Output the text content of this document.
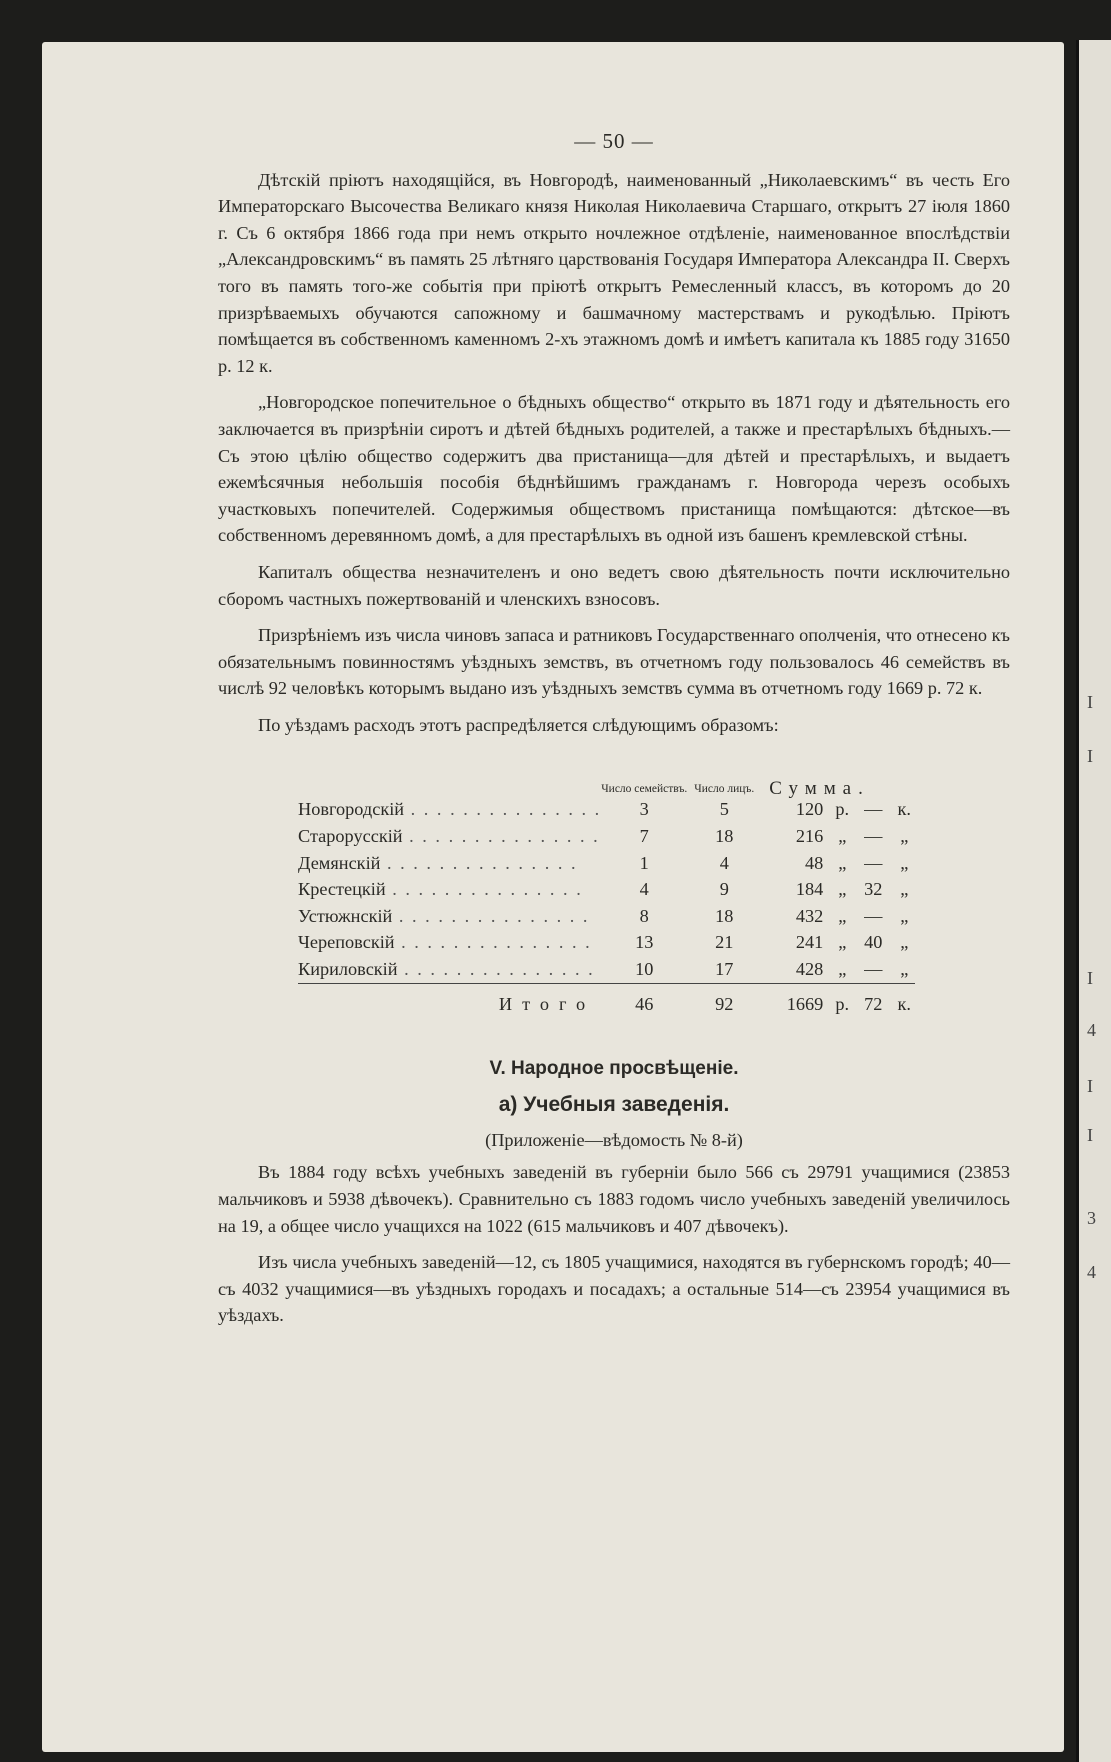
I
I
I
4
I
I
3
4
— 50 —

Дѣтскій пріютъ находящійся, въ Новгородѣ, наименованный „Николаевскимъ“ въ честь Его Императорскаго Высочества Великаго князя Николая Николаевича Старшаго, открытъ 27 іюля 1860 г. Съ 6 октября 1866 года при немъ открыто ночлежное отдѣленіе, наименованное впослѣдствіи „Александровскимъ“ въ память 25 лѣтняго царствованія Государя Императора Александра II. Сверхъ того въ память того-же событія при пріютѣ открытъ Ремесленный классъ, въ которомъ до 20 призрѣваемыхъ обучаются сапожному и башмачному мастерствамъ и рукодѣлью. Пріютъ помѣщается въ собственномъ каменномъ 2-хъ этажномъ домѣ и имѣетъ капитала къ 1885 году 31650 р. 12 к.

„Новгородское попечительное о бѣдныхъ общество“ открыто въ 1871 году и дѣятельность его заключается въ призрѣніи сиротъ и дѣтей бѣдныхъ родителей, а также и престарѣлыхъ бѣдныхъ.—Съ этою цѣлію общество содержитъ два пристанища—для дѣтей и престарѣлыхъ, и выдаетъ ежемѣсячныя небольшія пособія бѣднѣйшимъ гражданамъ г. Новгорода черезъ особыхъ участковыхъ попечителей. Содержимыя обществомъ пристанища помѣщаются: дѣтское—въ собственномъ деревянномъ домѣ, а для престарѣлыхъ въ одной изъ башенъ кремлевской стѣны.

Капиталъ общества незначителенъ и оно ведетъ свою дѣятельность почти исключительно сборомъ частныхъ пожертвованій и членскихъ взносовъ.

Призрѣніемъ изъ числа чиновъ запаса и ратниковъ Государственнаго ополченія, что отнесено къ обязательнымъ повинностямъ уѣздныхъ земствъ, въ отчетномъ году пользовалось 46 семействъ въ числѣ 92 человѣкъ которымъ выдано изъ уѣздныхъ земствъ сумма въ отчетномъ году 1669 р. 72 к.

По уѣздамъ расходъ этотъ распредѣляется слѣдующимъ образомъ:

	Число семействъ.	Число лицъ.	Сумма.			
Новгородскій . . . . . . . . . . . . . . .	3	5	120	р.	—	к.
Старорусскій . . . . . . . . . . . . . . .	7	18	216	„	—	„
Демянскій . . . . . . . . . . . . . . .	1	4	48	„	—	„
Крестецкій . . . . . . . . . . . . . . .	4	9	184	„	32	„
Устюжнскій . . . . . . . . . . . . . . .	8	18	432	„	—	„
Череповскій . . . . . . . . . . . . . . .	13	21	241	„	40	„
Кириловскій . . . . . . . . . . . . . . .	10	17	428	„	—	„
Итого	46	92	1669	р.	72	к.
V. Народное просвѣщеніе.
а) Учебныя заведенія.
(Приложеніе—вѣдомость № 8-й)

Въ 1884 году всѣхъ учебныхъ заведеній въ губерніи было 566 съ 29791 учащимися (23853 мальчиковъ и 5938 дѣвочекъ). Сравнительно съ 1883 годомъ число учебныхъ заведеній увеличилось на 19, а общее число учащихся на 1022 (615 мальчиковъ и 407 дѣвочекъ).

Изъ числа учебныхъ заведеній—12, съ 1805 учащимися, находятся въ губернскомъ городѣ; 40—съ 4032 учащимися—въ уѣздныхъ городахъ и посадахъ; а остальные 514—съ 23954 учащимися въ уѣздахъ.
